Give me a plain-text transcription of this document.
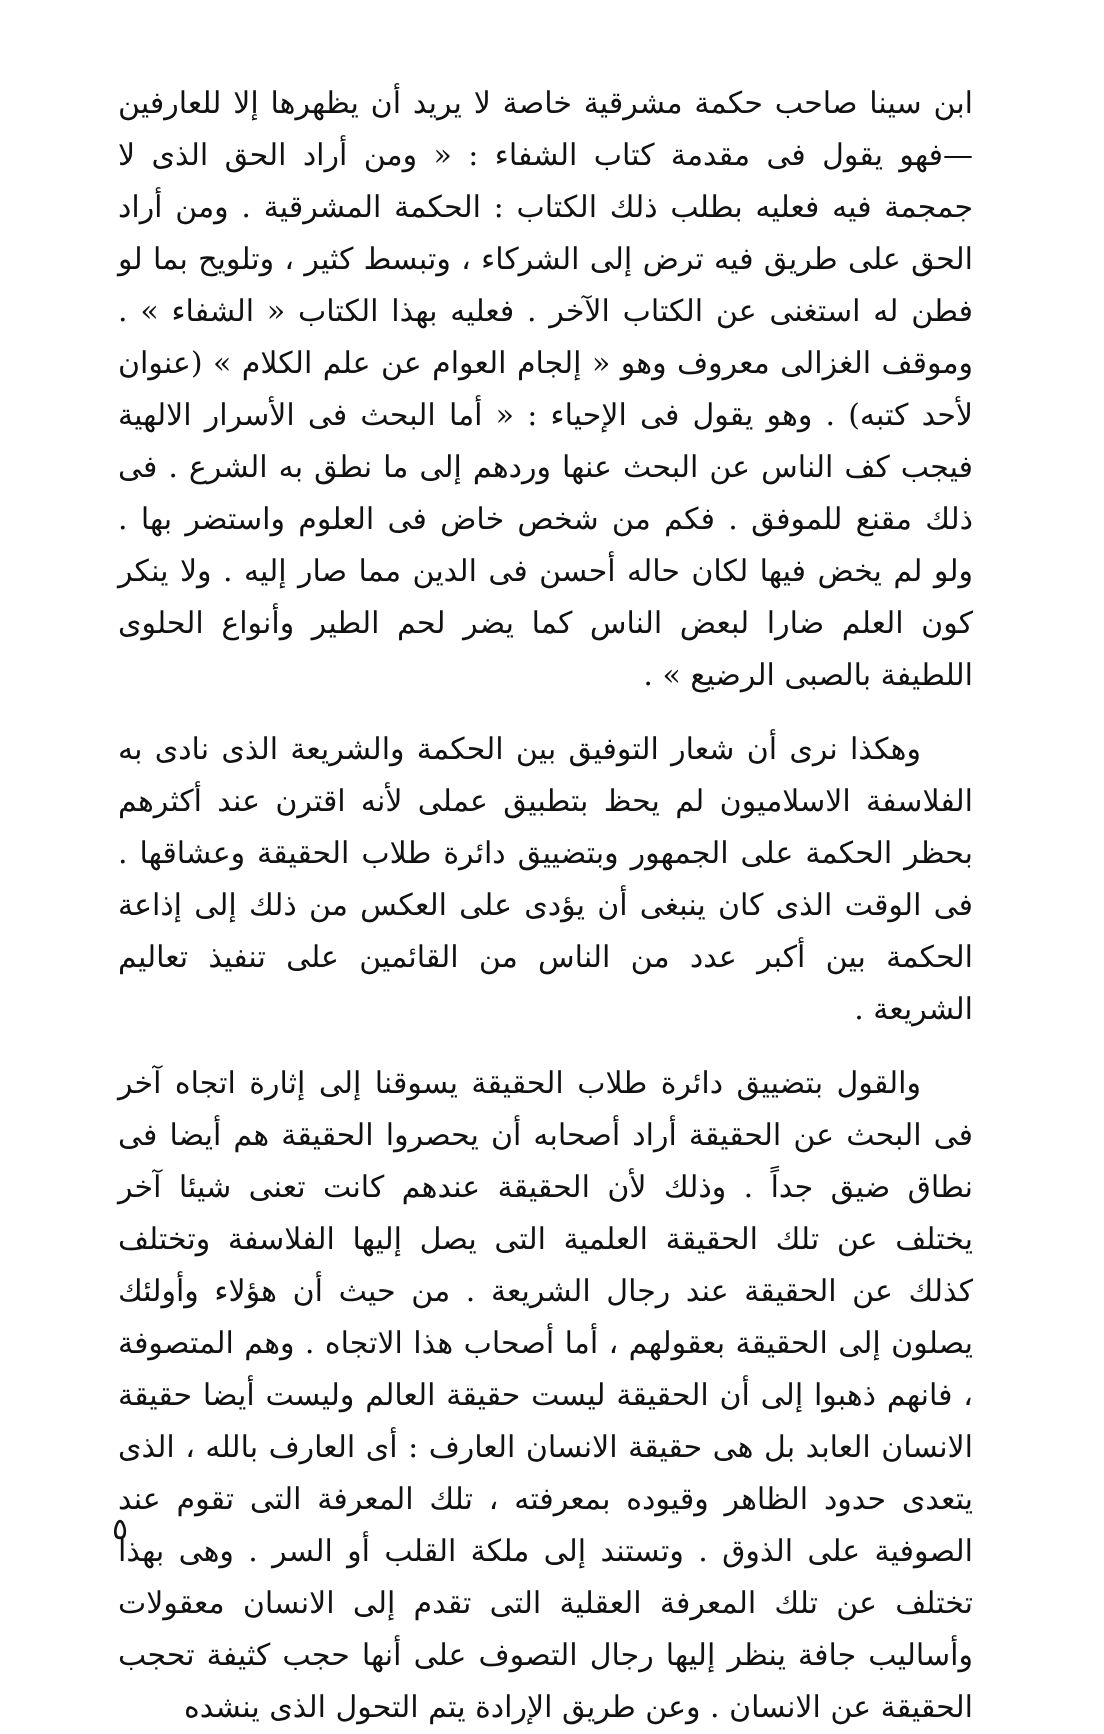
ابن سينا صاحب حكمة مشرقية خاصة لا يريد أن يظهرها إلا للعارفين—فهو يقول فى مقدمة كتاب الشفاء : « ومن أراد الحق الذى لا جمجمة فيه فعليه بطلب ذلك الكتاب : الحكمة المشرقية . ومن أراد الحق على طريق فيه ترض إلى الشركاء ، وتبسط كثير ، وتلويح بما لو فطن له استغنى عن الكتاب الآخر . فعليه بهذا الكتاب « الشفاء » . وموقف الغزالى معروف وهو « إلجام العوام عن علم الكلام » (عنوان لأحد كتبه) . وهو يقول فى الإحياء : « أما البحث فى الأسرار الالهية فيجب كف الناس عن البحث عنها وردهم إلى ما نطق به الشرع . فى ذلك مقنع للموفق . فكم من شخص خاض فى العلوم واستضر بها . ولو لم يخض فيها لكان حاله أحسن فى الدين مما صار إليه . ولا ينكر كون العلم ضارا لبعض الناس كما يضر لحم الطير وأنواع الحلوى اللطيفة بالصبى الرضيع » .

وهكذا نرى أن شعار التوفيق بين الحكمة والشريعة الذى نادى به الفلاسفة الاسلاميون لم يحظ بتطبيق عملى لأنه اقترن عند أكثرهم بحظر الحكمة على الجمهور وبتضييق دائرة طلاب الحقيقة وعشاقها . فى الوقت الذى كان ينبغى أن يؤدى على العكس من ذلك إلى إذاعة الحكمة بين أكبر عدد من الناس من القائمين على تنفيذ تعاليم الشريعة .

والقول بتضييق دائرة طلاب الحقيقة يسوقنا إلى إثارة اتجاه آخر فى البحث عن الحقيقة أراد أصحابه أن يحصروا الحقيقة هم أيضا فى نطاق ضيق جداً . وذلك لأن الحقيقة عندهم كانت تعنى شيئا آخر يختلف عن تلك الحقيقة العلمية التى يصل إليها الفلاسفة وتختلف كذلك عن الحقيقة عند رجال الشريعة . من حيث أن هؤلاء وأولئك يصلون إلى الحقيقة بعقولهم ، أما أصحاب هذا الاتجاه . وهم المتصوفة ، فانهم ذهبوا إلى أن الحقيقة ليست حقيقة العالم وليست أيضا حقيقة الانسان العابد بل هى حقيقة الانسان العارف : أى العارف بالله ، الذى يتعدى حدود الظاهر وقيوده بمعرفته ، تلك المعرفة التى تقوم عند الصوفية على الذوق . وتستند إلى ملكة القلب أو السر . وهى بهذا تختلف عن تلك المعرفة العقلية التى تقدم إلى الانسان معقولات وأساليب جافة ينظر إليها رجال التصوف على أنها حجب كثيفة تحجب الحقيقة عن الانسان . وعن طريق الإرادة يتم التحول الذى ينشده

٥
